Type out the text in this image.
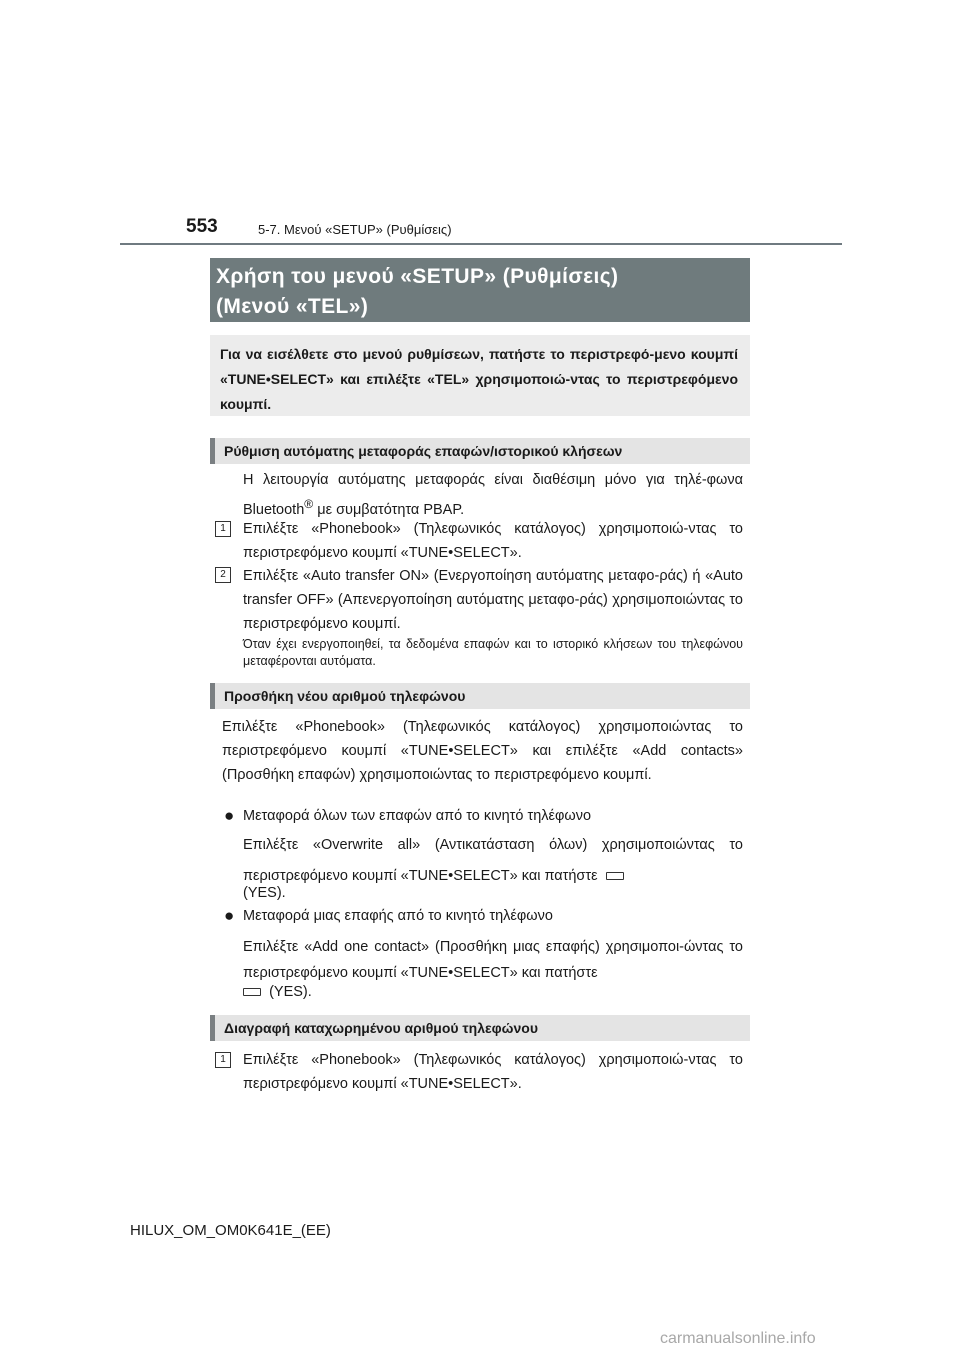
553	5-7. Μενού «SETUP» (Ρυθμίσεις)
Χρήση του μενού «SETUP» (Ρυθμίσεις)
(Μενού «TEL»)
Για να εισέλθετε στο μενού ρυθμίσεων, πατήστε το περιστρεφό-μενο κουμπί «TUNE•SELECT» και επιλέξτε «TEL» χρησιμοποιώ-ντας το περιστρεφόμενο κουμπί.
Ρύθμιση αυτόματης μεταφοράς επαφών/ιστορικού κλήσεων
Η λειτουργία αυτόματης μεταφοράς είναι διαθέσιμη μόνο για τηλέ-φωνα Bluetooth® με συμβατότητα PBAP.
1	Επιλέξτε «Phonebook» (Τηλεφωνικός κατάλογος) χρησιμοποιώ-ντας το περιστρεφόμενο κουμπί «TUNE•SELECT».
2	Επιλέξτε «Auto transfer ON» (Ενεργοποίηση αυτόματης μεταφο-ράς) ή «Auto transfer OFF» (Απενεργοποίηση αυτόματης μεταφο-ράς) χρησιμοποιώντας το περιστρεφόμενο κουμπί.
Όταν έχει ενεργοποιηθεί, τα δεδομένα επαφών και το ιστορικό κλήσεων του τηλεφώνου μεταφέρονται αυτόματα.
Προσθήκη νέου αριθμού τηλεφώνου
Επιλέξτε «Phonebook» (Τηλεφωνικός κατάλογος) χρησιμοποιώντας το περιστρεφόμενο κουμπί «TUNE•SELECT» και επιλέξτε «Add contacts» (Προσθήκη επαφών) χρησιμοποιώντας το περιστρεφόμενο κουμπί.
● Μεταφορά όλων των επαφών από το κινητό τηλέφωνο
Επιλέξτε «Overwrite all» (Αντικατάσταση όλων) χρησιμοποιώντας το περιστρεφόμενο κουμπί «TUNE•SELECT» και πατήστε
(YES).
● Μεταφορά μιας επαφής από το κινητό τηλέφωνο
Επιλέξτε «Add one contact» (Προσθήκη μιας επαφής) χρησιμοποι-ώντας το περιστρεφόμενο κουμπί «TUNE•SELECT» και πατήστε
(YES).
Διαγραφή καταχωρημένου αριθμού τηλεφώνου
1	Επιλέξτε «Phonebook» (Τηλεφωνικός κατάλογος) χρησιμοποιώ-ντας το περιστρεφόμενο κουμπί «TUNE•SELECT».
HILUX_OM_OM0K641E_(EE)
carmanualsonline.info
